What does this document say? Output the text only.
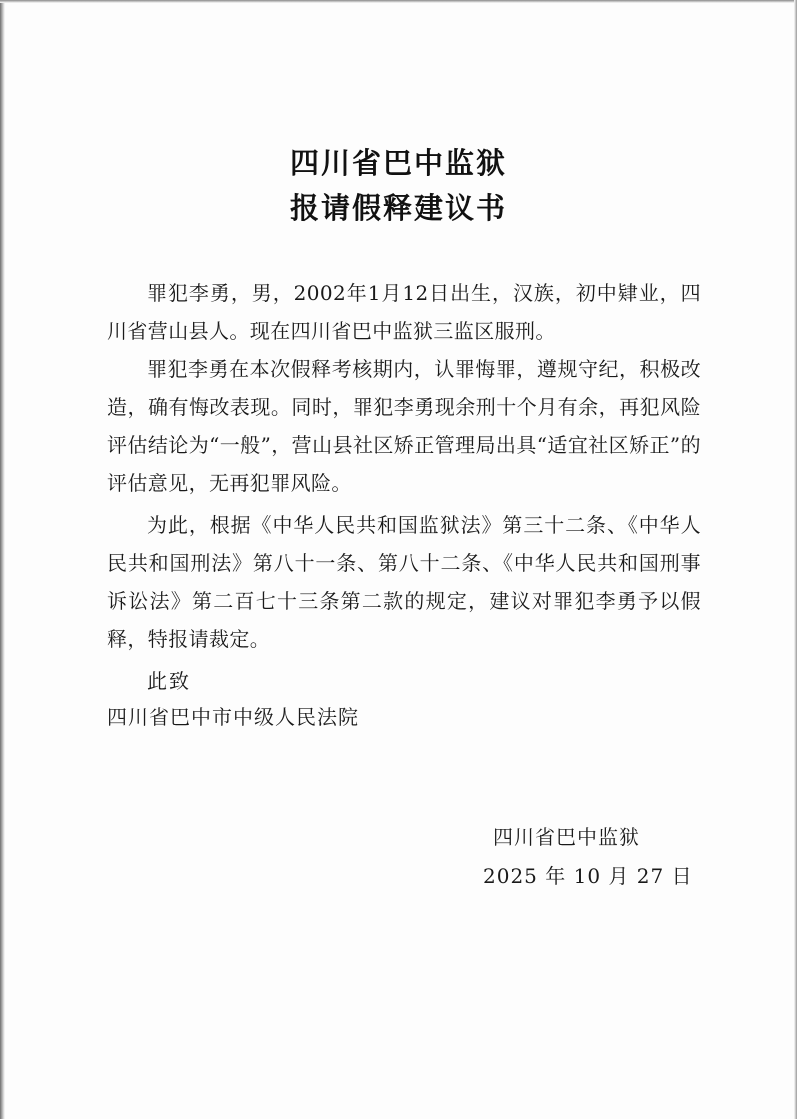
四川省巴中监狱
报请假释建议书

罪犯李勇，男，2002年1月12日出生，汉族，初中肄业，四川省营山县人。现在四川省巴中监狱三监区服刑。

罪犯李勇在本次假释考核期内，认罪悔罪，遵规守纪，积极改造，确有悔改表现。同时，罪犯李勇现余刑十个月有余，再犯风险评估结论为“一般”，营山县社区矫正管理局出具“适宜社区矫正”的评估意见，无再犯罪风险。

为此，根据《中华人民共和国监狱法》第三十二条、《中华人民共和国刑法》第八十一条、第八十二条、《中华人民共和国刑事诉讼法》第二百七十三条第二款的规定，建议对罪犯李勇予以假释，特报请裁定。

此致
四川省巴中市中级人民法院
四川省巴中监狱
2025 年 10 月 27 日
